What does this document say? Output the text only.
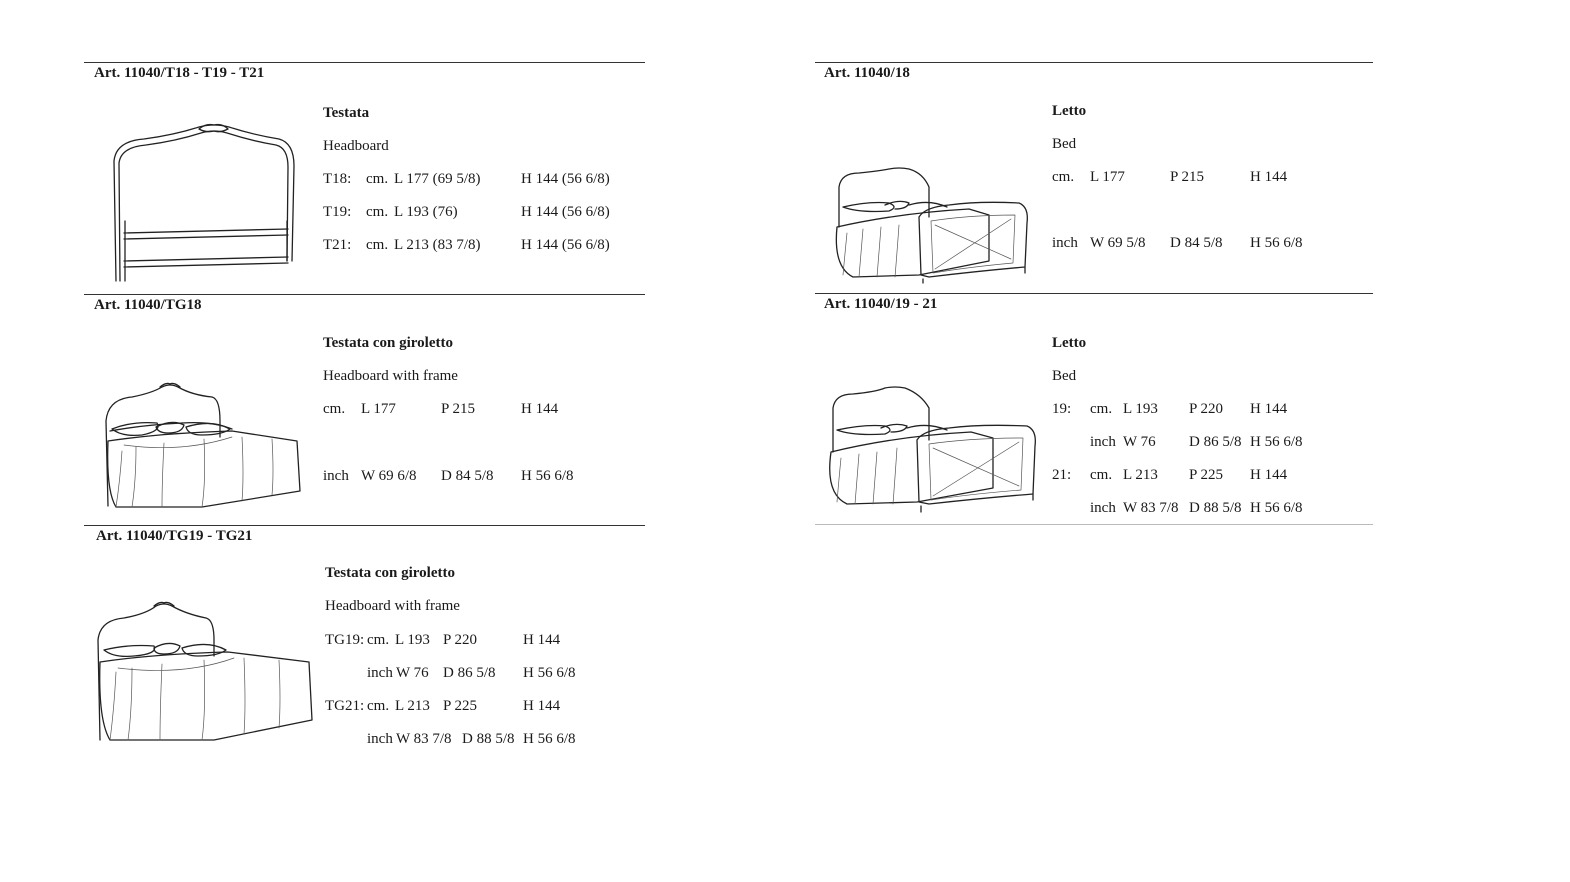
Art. 11040/T18 - T19 - T21
Testata
Headboard
T18: cm. L 177 (69 5/8)	H 144 (56 6/8)
T19: cm. L 193 (76)	H 144 (56 6/8)
T21: cm. L 213 (83 7/8)	H 144 (56 6/8)
Art. 11040/TG18
Testata con giroletto
Headboard with frame
cm. L 177	P 215	H 144
inch W 69 6/8 D 84 5/8 H 56 6/8
Art. 11040/TG19 - TG21
Testata con giroletto
Headboard with frame
TG19: cm. L 193 P 220	H 144
inch W 76 D 86 5/8 H 56 6/8
TG21: cm. L 213 P 225	H 144
inch W 83 7/8 D 88 5/8 H 56 6/8
Art. 11040/18
Letto
Bed
cm. L 177	P 215	H 144
inch W 69 5/8 D 84 5/8 H 56 6/8
Art. 11040/19 - 21
Letto
Bed
19: cm. L 193 P 220 H 144
inch W 76 D 86 5/8 H 56 6/8
21: cm. L 213 P 225 H 144
inch W 83 7/8 D 88 5/8 H 56 6/8
